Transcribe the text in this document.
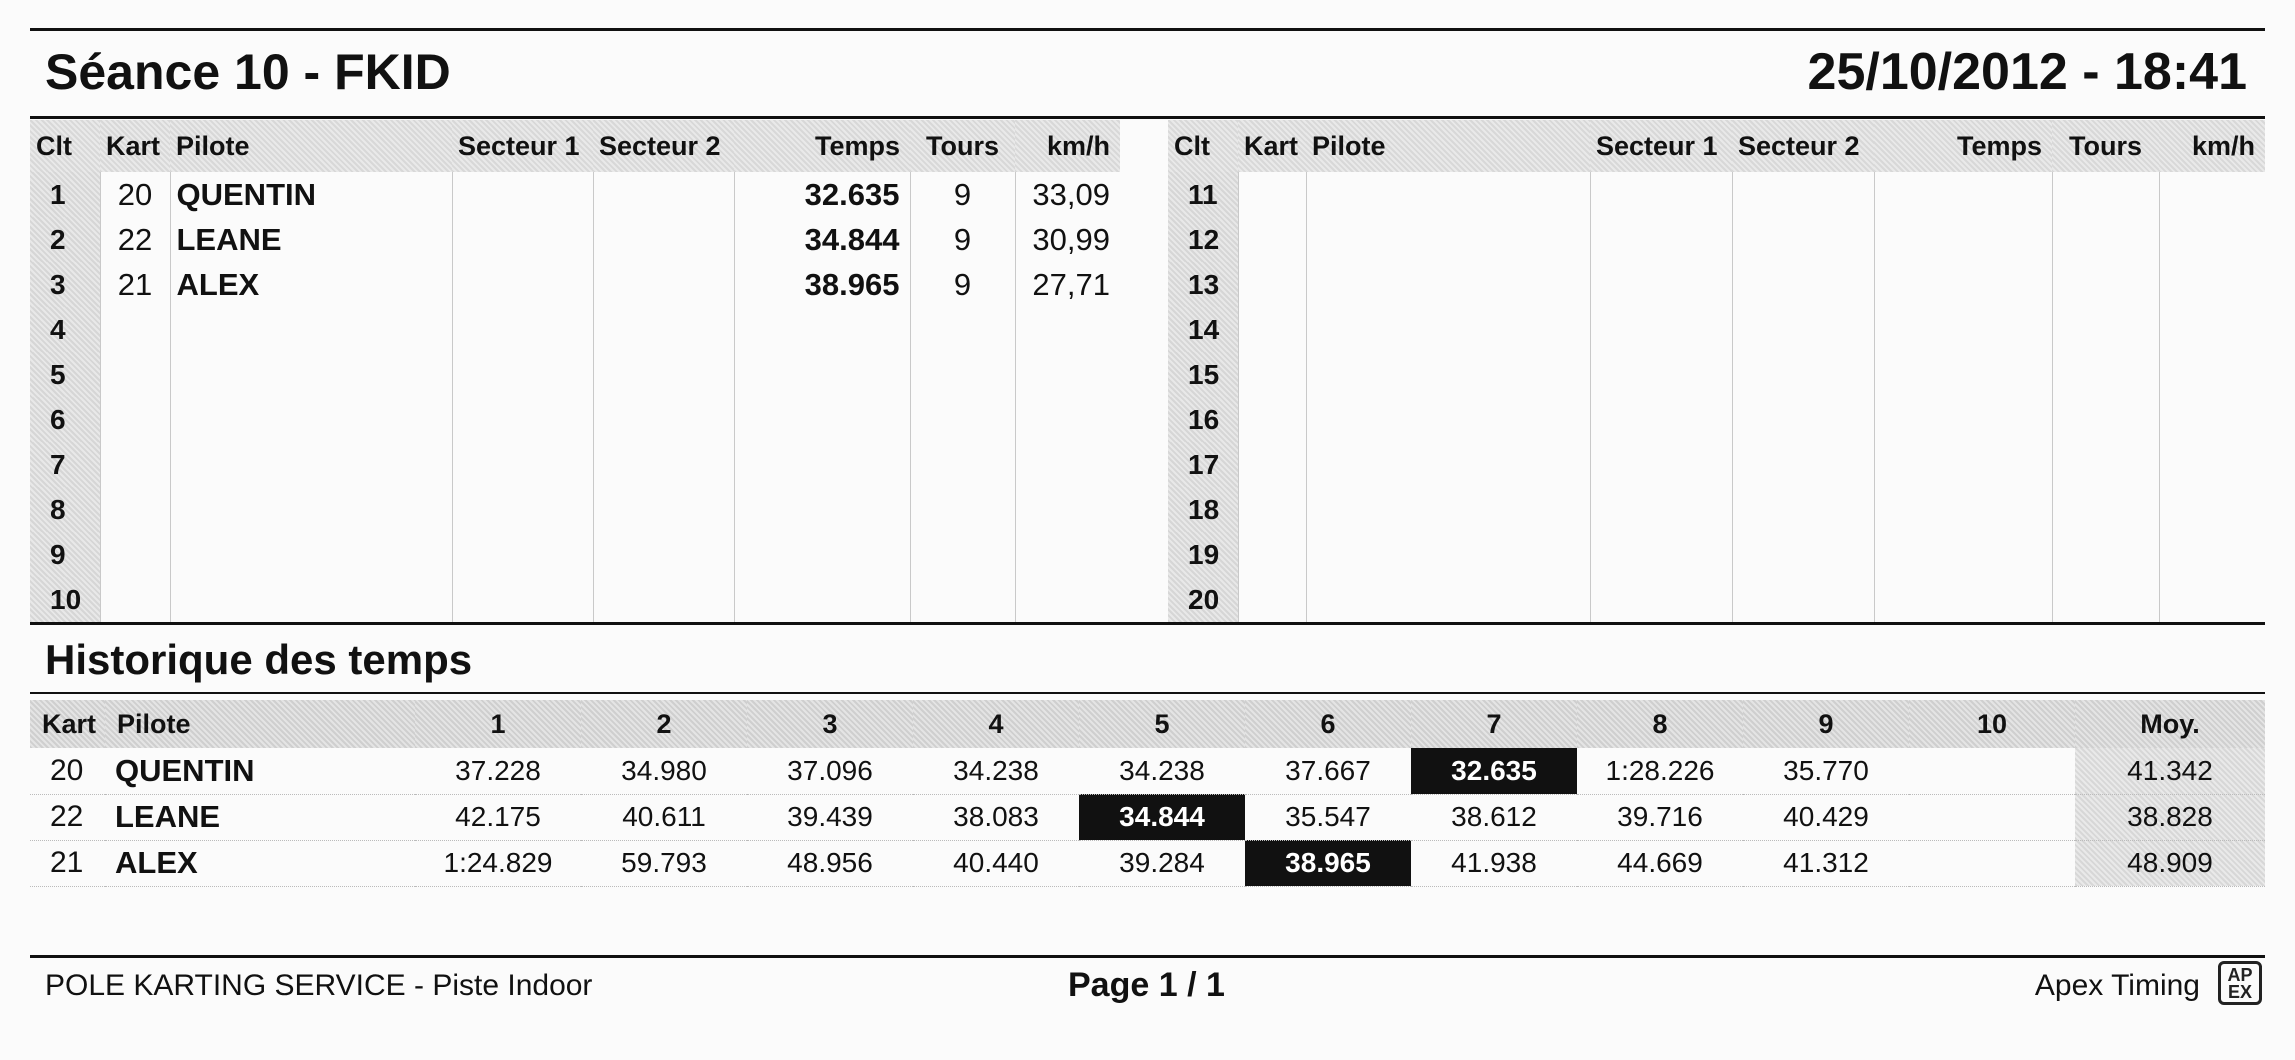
Séance 10 - FKID	25/10/2012 - 18:41
Clt	Kart	Pilote	Secteur 1	Secteur 2	Temps	Tours	km/h
1	20	QUENTIN			32.635	9	33,09
2	22	LEANE			34.844	9	30,99
3	21	ALEX			38.965	9	27,71
4							
5							
6							
7							
8							
9							
10							
Clt	Kart	Pilote	Secteur 1	Secteur 2	Temps	Tours	km/h
11							
12							
13							
14							
15							
16							
17							
18							
19							
20							
Historique des temps
Kart	Pilote	1	2	3	4	5	6	7	8	9	10	Moy.
20	QUENTIN	37.228	34.980	37.096	34.238	34.238	37.667	32.635	1:28.226	35.770		41.342
22	LEANE	42.175	40.611	39.439	38.083	34.844	35.547	38.612	39.716	40.429		38.828
21	ALEX	1:24.829	59.793	48.956	40.440	39.284	38.965	41.938	44.669	41.312		48.909
POLE KARTING SERVICE - Piste Indoor	Page 1 / 1	Apex Timing	AP
EX
